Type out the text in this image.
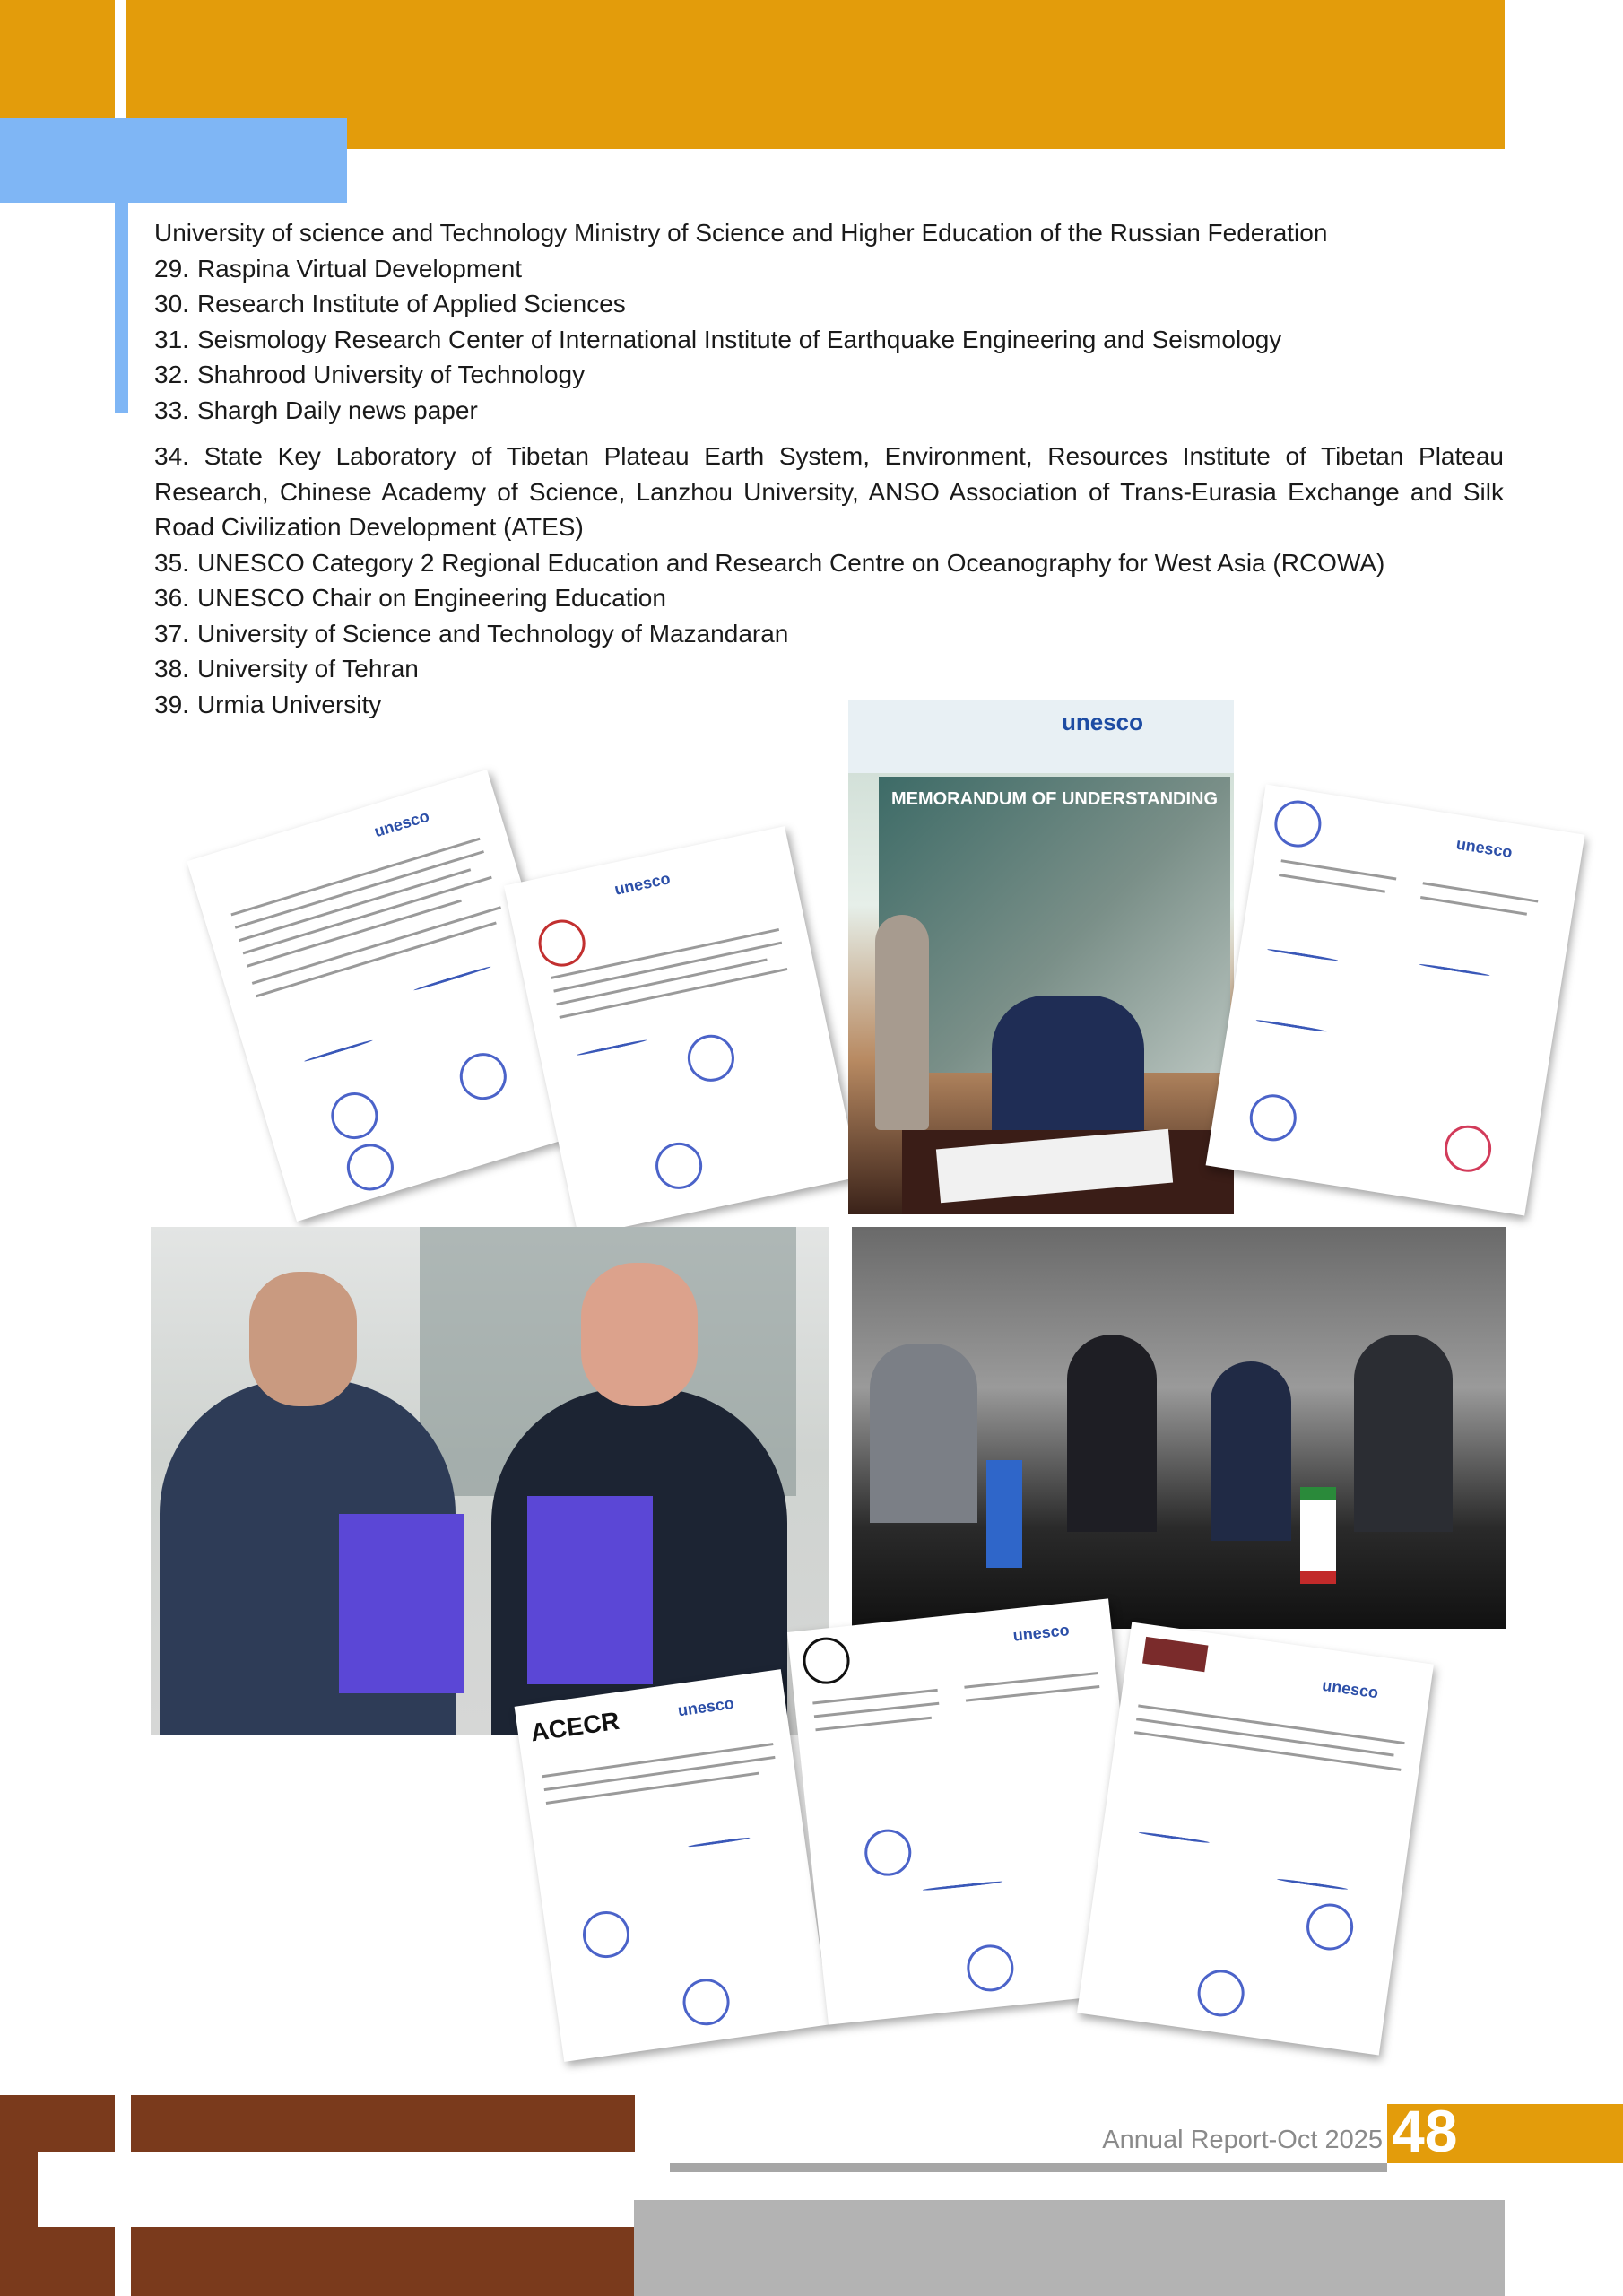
University of science and Technology Ministry of Science and Higher Education of the Russian Federation
29. Raspina Virtual Development
30. Research Institute of Applied Sciences
31. Seismology Research Center of International Institute of Earthquake Engineering and Seismology
32. Shahrood University of Technology
33. Shargh Daily news paper
34. State Key Laboratory of Tibetan Plateau Earth System, Environment, Resources Institute of Tibetan Plateau Research, Chinese Academy of Science, Lanzhou University, ANSO Association of Trans-Eurasia Exchange and Silk Road Civilization Development (ATES)
35. UNESCO Category 2 Regional Education and Research Centre on Oceanography for West Asia (RCOWA)
36. UNESCO Chair on Engineering Education
37. University of Science and Technology of Mazandaran
38. University of Tehran
39. Urmia University
unesco
unesco
unesco
MEMORANDUM OF UNDERSTANDING
unesco
ACECR	unesco
unesco
unesco
Annual Report-Oct 2025 48
